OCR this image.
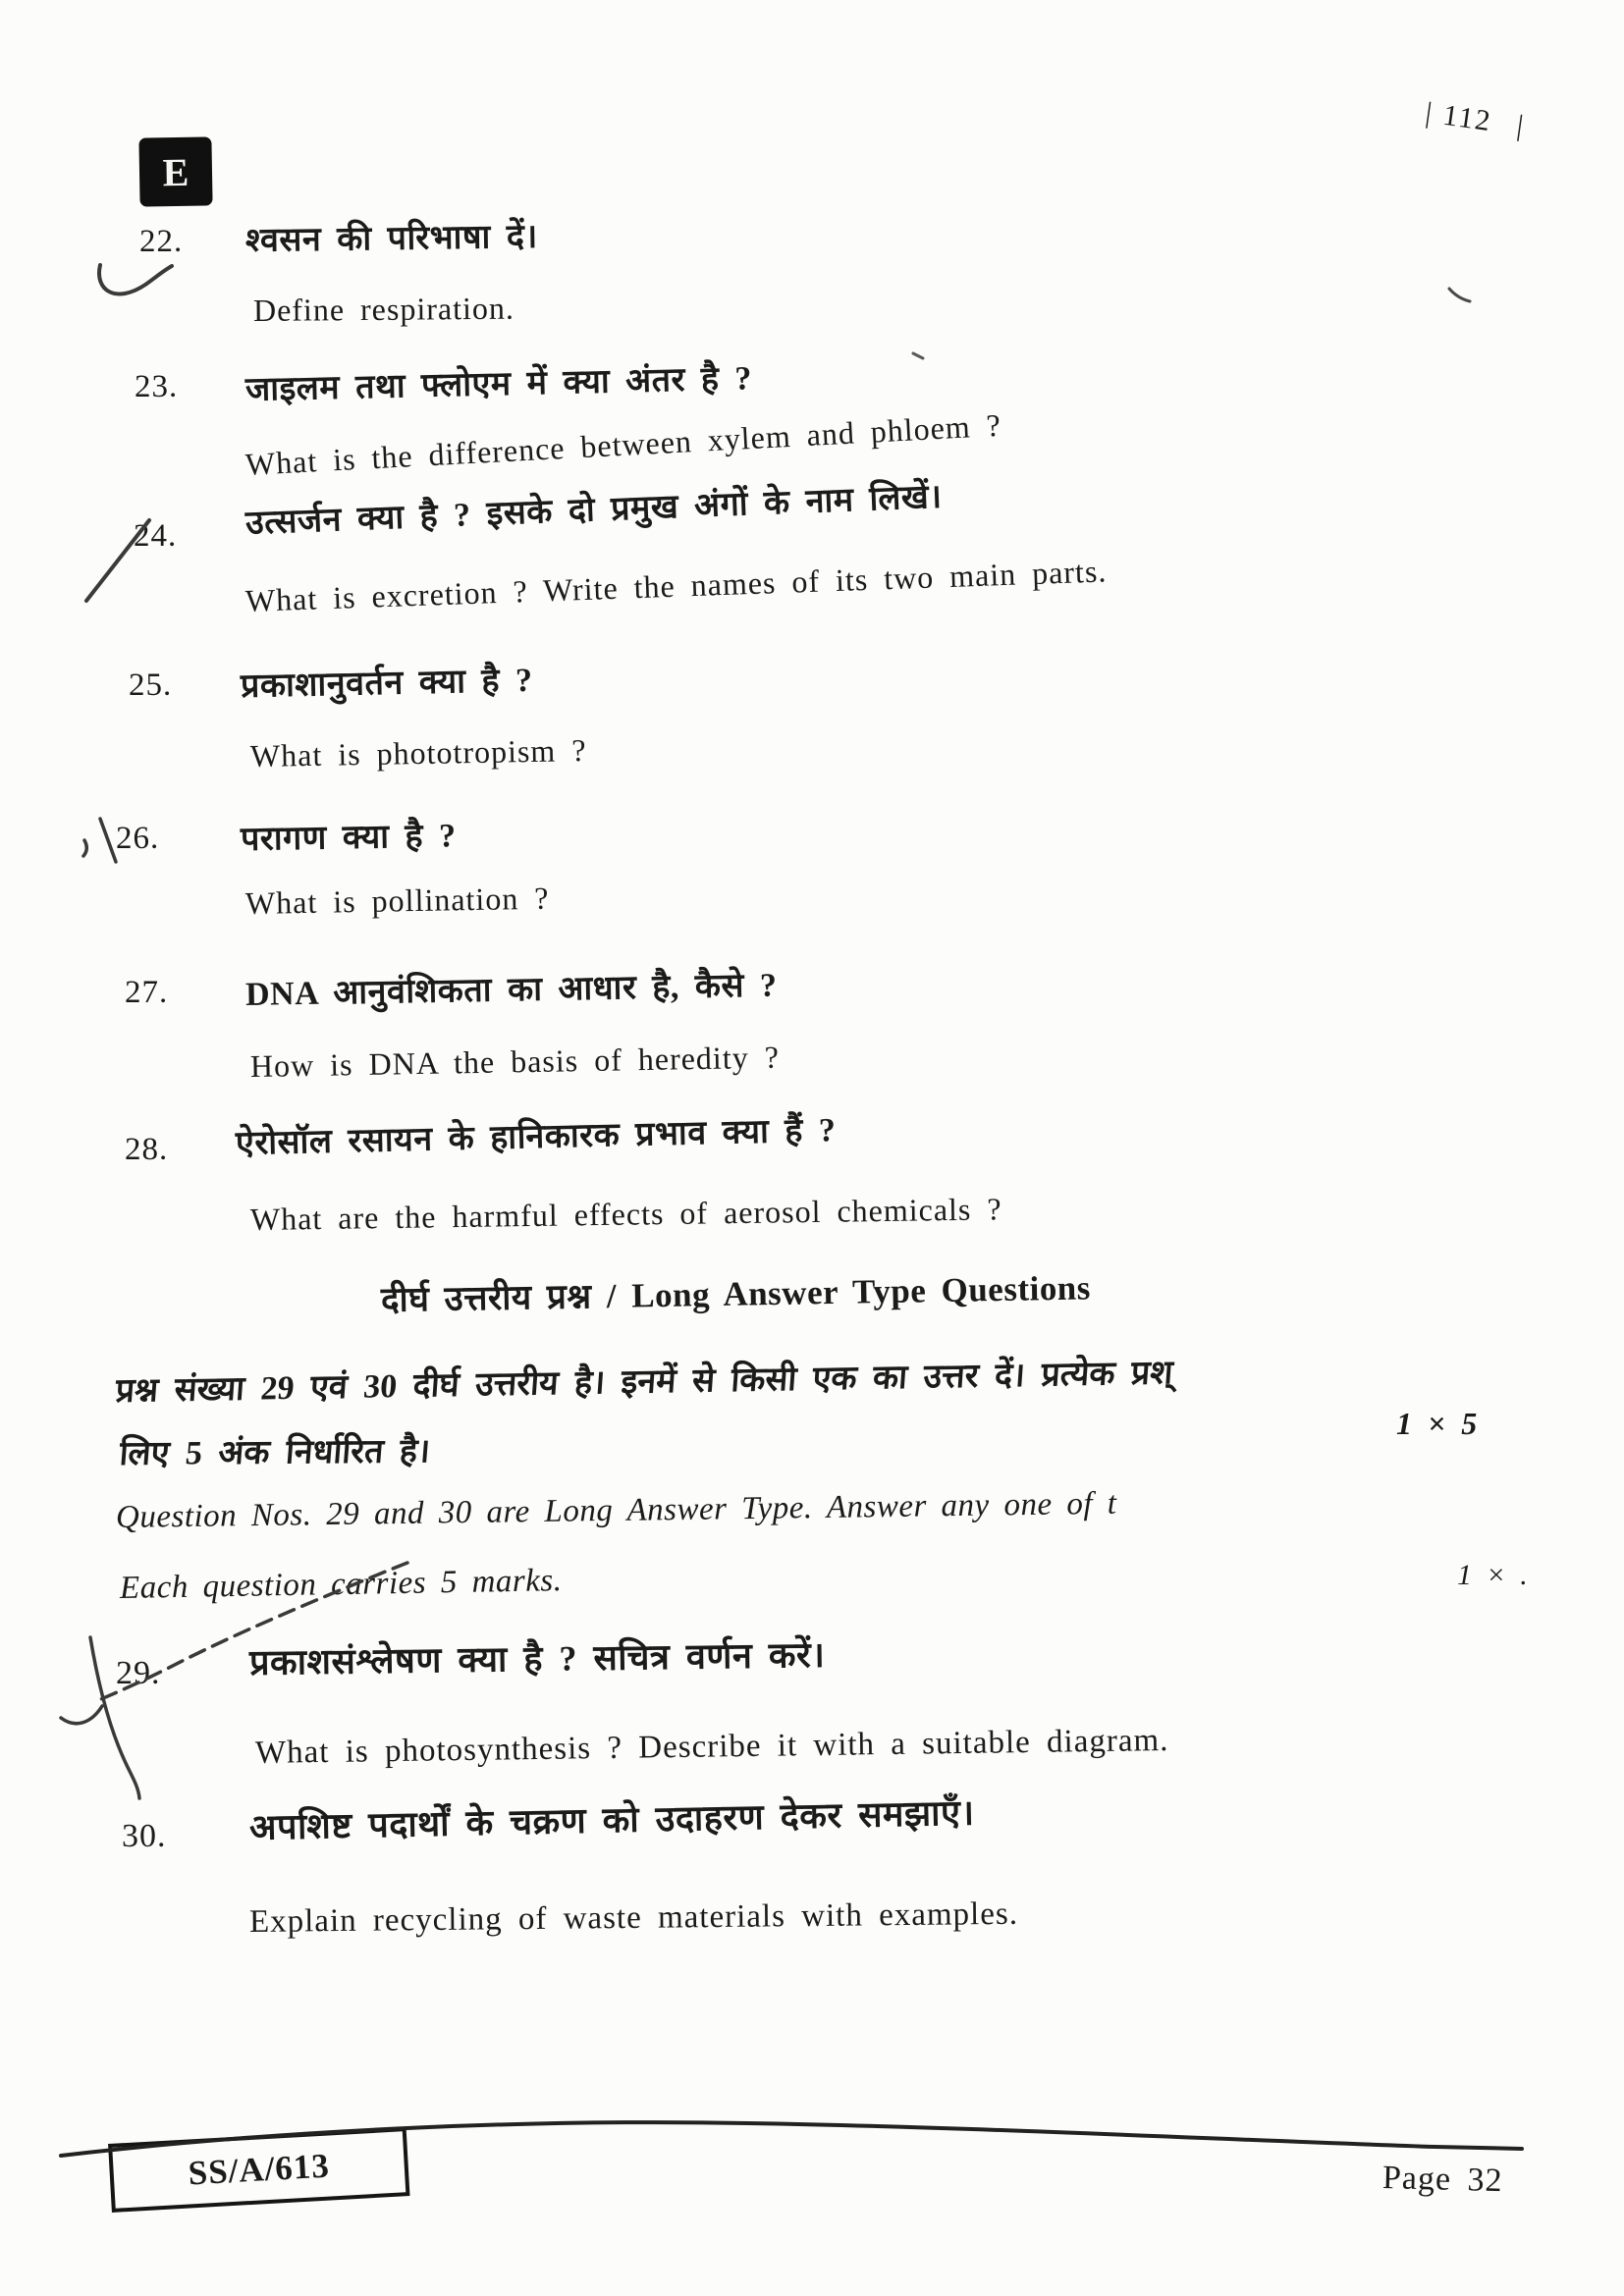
| 112 |
E
22. श्वसन की परिभाषा दें।
Define respiration.
23. जाइलम तथा फ्लोएम में क्या अंतर है ?
What is the difference between xylem and phloem ?
24. उत्सर्जन क्या है ? इसके दो प्रमुख अंगों के नाम लिखें।
What is excretion ? Write the names of its two main parts.
25. प्रकाशानुवर्तन क्या है ?
What is phototropism ?
26. परागण क्या है ?
What is pollination ?
27. DNA आनुवंशिकता का आधार है, कैसे ?
How is DNA the basis of heredity ?
28. ऐरोसॉल रसायन के हानिकारक प्रभाव क्या हैं ?
What are the harmful effects of aerosol chemicals ?
दीर्घ उत्तरीय प्रश्न / Long Answer Type Questions
प्रश्न संख्या 29 एवं 30 दीर्घ उत्तरीय है। इनमें से किसी एक का उत्तर दें। प्रत्येक प्रश्
लिए 5 अंक निर्धारित है।
1 × 5
Question Nos. 29 and 30 are Long Answer Type. Answer any one of t
Each question carries 5 marks.	1 × .
29.	प्रकाशसंश्लेषण क्या है ? सचित्र वर्णन करें।
What is photosynthesis ? Describe it with a suitable diagram.
30. अपशिष्ट पदार्थों के चक्रण को उदाहरण देकर समझाएँ।
Explain recycling of waste materials with examples.
SS/A/613	Page 32
